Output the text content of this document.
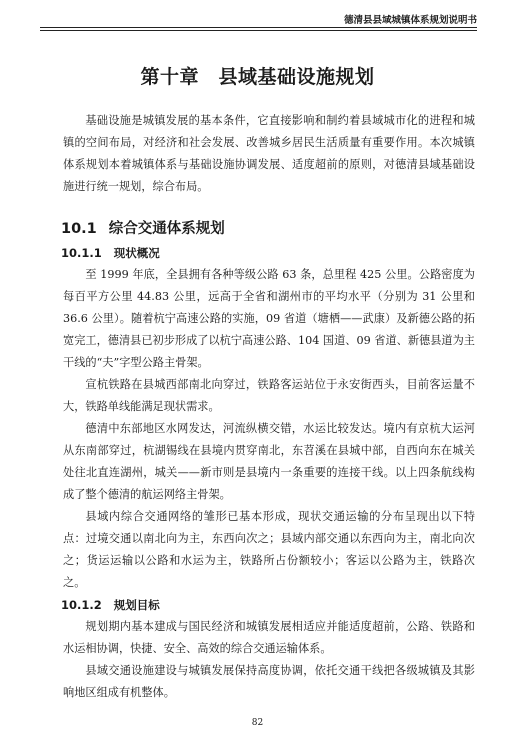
德清县县域城镇体系规划说明书
第十章　县域基础设施规划

基础设施是城镇发展的基本条件，它直接影响和制约着县域城市化的进程和城镇的空间布局，对经济和社会发展、改善城乡居民生活质量有重要作用。本次城镇体系规划本着城镇体系与基础设施协调发展、适度超前的原则，对德清县域基础设施进行统一规划，综合布局。

10.1 综合交通体系规划
10.1.1 现状概况

至 1999 年底，全县拥有各种等级公路 63 条，总里程 425 公里。公路密度为每百平方公里 44.83 公里，远高于全省和湖州市的平均水平（分别为 31 公里和 36.6 公里）。随着杭宁高速公路的实施，09 省道（塘栖——武康）及新德公路的拓宽完工，德清县已初步形成了以杭宁高速公路、104 国道、09 省道、新德县道为主干线的“夫”字型公路主骨架。

宣杭铁路在县城西部南北向穿过，铁路客运站位于永安街西头，目前客运量不大，铁路单线能满足现状需求。

德清中东部地区水网发达，河流纵横交错，水运比较发达。境内有京杭大运河从东南部穿过，杭湖锡线在县境内贯穿南北，东苕溪在县城中部，自西向东在城关处往北直连湖州，城关——新市则是县境内一条重要的连接干线。以上四条航线构成了整个德清的航运网络主骨架。

县域内综合交通网络的雏形已基本形成，现状交通运输的分布呈现出以下特点：过境交通以南北向为主，东西向次之；县域内部交通以东西向为主，南北向次之；货运运输以公路和水运为主，铁路所占份额较小；客运以公路为主，铁路次之。

10.1.2 规划目标

规划期内基本建成与国民经济和城镇发展相适应并能适度超前，公路、铁路和水运相协调，快捷、安全、高效的综合交通运输体系。

县域交通设施建设与城镇发展保持高度协调，依托交通干线把各级城镇及其影响地区组成有机整体。

82
